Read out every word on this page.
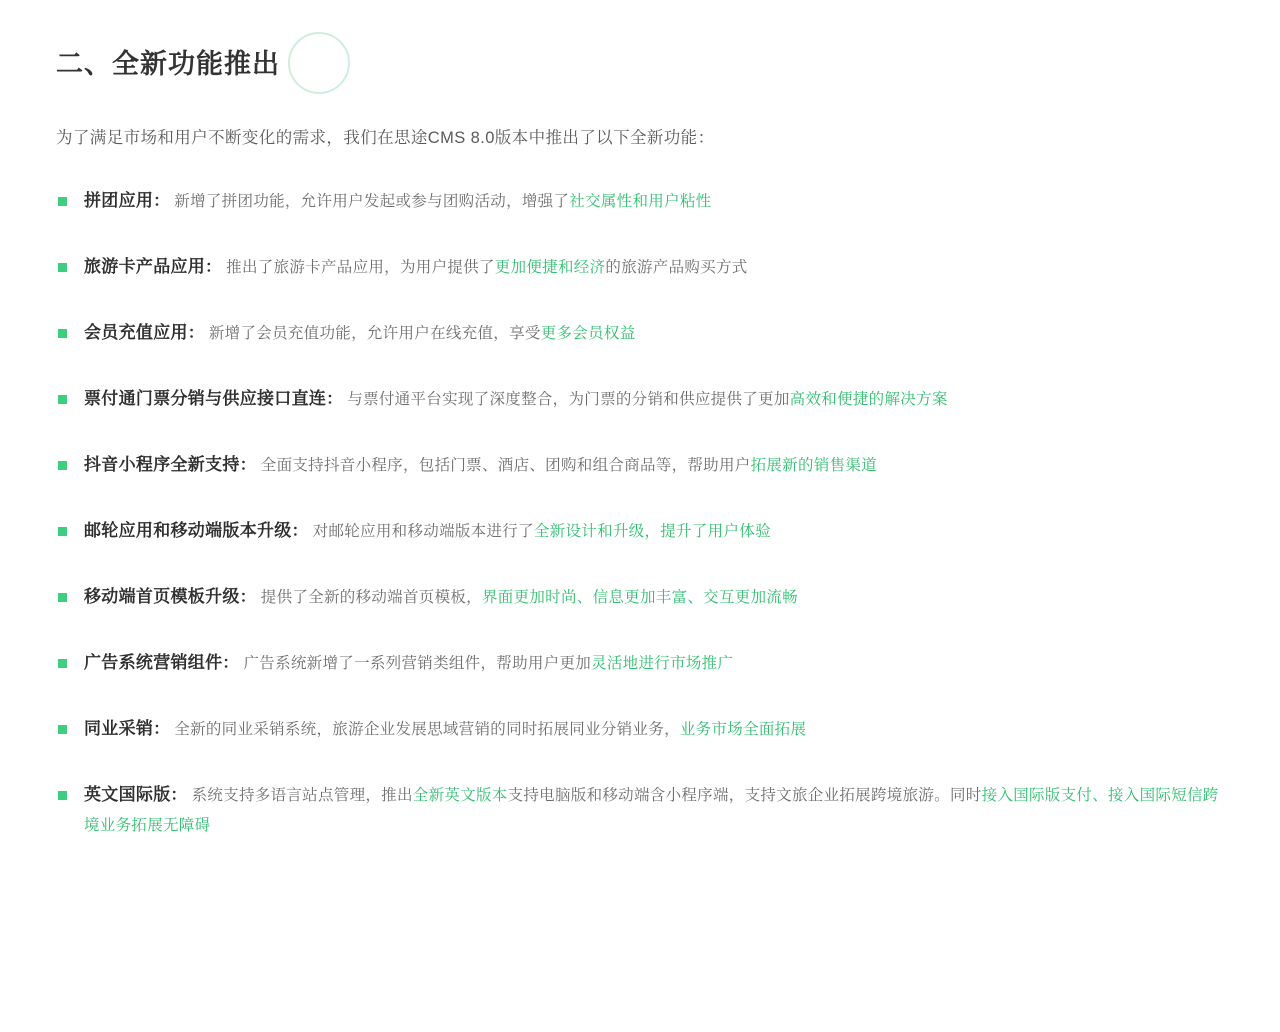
二、全新功能推出

为了满足市场和用户不断变化的需求，我们在思途CMS 8.0版本中推出了以下全新功能：

拼团应用： 新增了拼团功能，允许用户发起或参与团购活动，增强了社交属性和用户粘性
旅游卡产品应用： 推出了旅游卡产品应用，为用户提供了更加便捷和经济的旅游产品购买方式
会员充值应用： 新增了会员充值功能，允许用户在线充值，享受更多会员权益
票付通门票分销与供应接口直连： 与票付通平台实现了深度整合，为门票的分销和供应提供了更加高效和便捷的解决方案
抖音小程序全新支持： 全面支持抖音小程序，包括门票、酒店、团购和组合商品等，帮助用户拓展新的销售渠道
邮轮应用和移动端版本升级： 对邮轮应用和移动端版本进行了全新设计和升级，提升了用户体验
移动端首页模板升级： 提供了全新的移动端首页模板，界面更加时尚、信息更加丰富、交互更加流畅
广告系统营销组件： 广告系统新增了一系列营销类组件，帮助用户更加灵活地进行市场推广
同业采销： 全新的同业采销系统，旅游企业发展思域营销的同时拓展同业分销业务，业务市场全面拓展
英文国际版： 系统支持多语言站点管理，推出全新英文版本支持电脑版和移动端含小程序端，支持文旅企业拓展跨境旅游。同时接入国际版支付、接入国际短信跨境业务拓展无障碍
